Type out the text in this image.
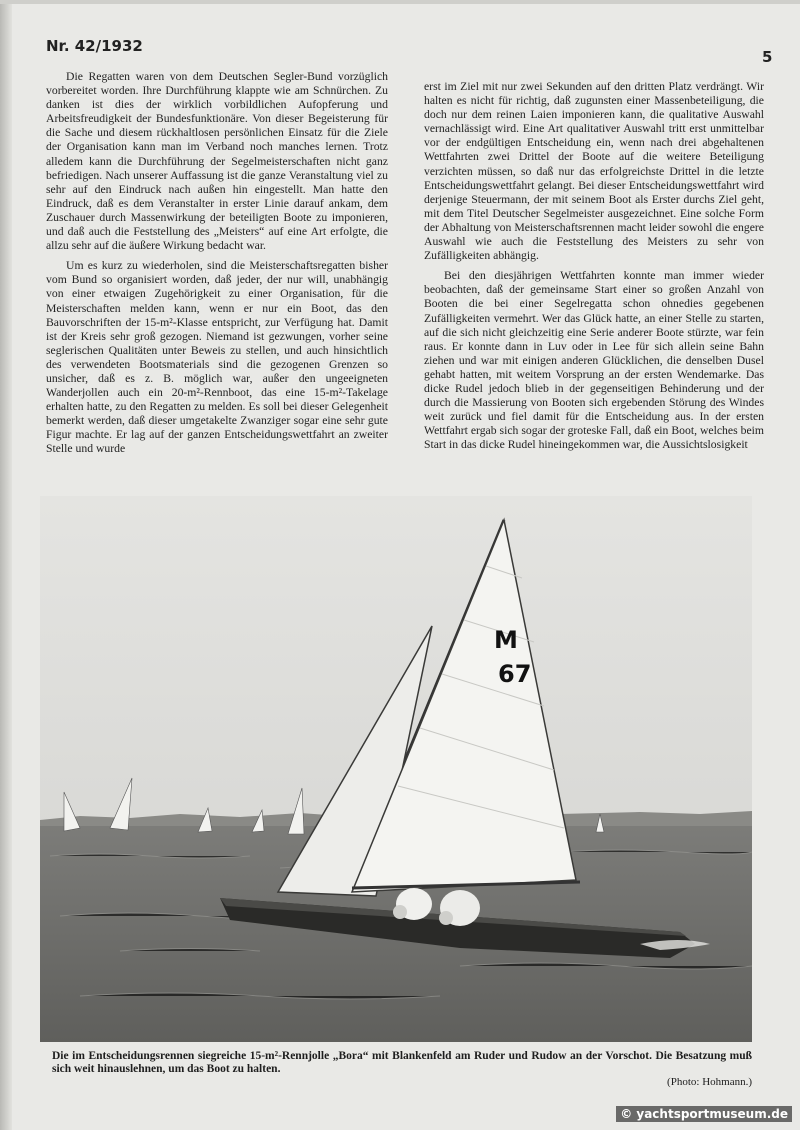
Nr. 42/1932
5

Die Regatten waren von dem Deutschen Segler-Bund vorzüglich vorbereitet worden. Ihre Durchführung klappte wie am Schnürchen. Zu danken ist dies der wirklich vorbildlichen Aufopferung und Arbeitsfreudigkeit der Bundesfunktionäre. Von dieser Begeisterung für die Sache und diesem rückhaltlosen persönlichen Einsatz für die Ziele der Organisation kann man im Verband noch manches lernen. Trotz alledem kann die Durchführung der Segelmeisterschaften nicht ganz befriedigen. Nach unserer Auffassung ist die ganze Veranstaltung viel zu sehr auf den Eindruck nach außen hin eingestellt. Man hatte den Eindruck, daß es dem Veranstalter in erster Linie darauf ankam, dem Zuschauer durch Massenwirkung der beteiligten Boote zu imponieren, und daß auch die Feststellung des „Meisters“ auf eine Art erfolgte, die allzu sehr auf die äußere Wirkung bedacht war.

Um es kurz zu wiederholen, sind die Meisterschaftsregatten bisher vom Bund so organisiert worden, daß jeder, der nur will, unabhängig von einer etwaigen Zugehörigkeit zu einer Organisation, für die Meisterschaften melden kann, wenn er nur ein Boot, das den Bauvorschriften der 15-m²-Klasse entspricht, zur Verfügung hat. Damit ist der Kreis sehr groß gezogen. Niemand ist gezwungen, vorher seine seglerischen Qualitäten unter Beweis zu stellen, und auch hinsichtlich des verwendeten Bootsmaterials sind die gezogenen Grenzen so unsicher, daß es z. B. möglich war, außer den ungeeigneten Wanderjollen auch ein 20-m²-Rennboot, das eine 15-m²-Takelage erhalten hatte, zu den Regatten zu melden. Es soll bei dieser Gelegenheit bemerkt werden, daß dieser umgetakelte Zwanziger sogar eine sehr gute Figur machte. Er lag auf der ganzen Entscheidungswettfahrt an zweiter Stelle und wurde

erst im Ziel mit nur zwei Sekunden auf den dritten Platz verdrängt. Wir halten es nicht für richtig, daß zugunsten einer Massenbeteiligung, die doch nur dem reinen Laien imponieren kann, die qualitative Auswahl vernachlässigt wird. Eine Art qualitativer Auswahl tritt erst unmittelbar vor der endgültigen Entscheidung ein, wenn nach drei abgehaltenen Wettfahrten zwei Drittel der Boote auf die weitere Beteiligung verzichten müssen, so daß nur das erfolgreichste Drittel in die letzte Entscheidungswettfahrt gelangt. Bei dieser Entscheidungswettfahrt wird derjenige Steuermann, der mit seinem Boot als Erster durchs Ziel geht, mit dem Titel Deutscher Segelmeister ausgezeichnet. Eine solche Form der Abhaltung von Meisterschaftsrennen macht leider sowohl die engere Auswahl wie auch die Feststellung des Meisters zu sehr von Zufälligkeiten abhängig.

Bei den diesjährigen Wettfahrten konnte man immer wieder beobachten, daß der gemeinsame Start einer so großen Anzahl von Booten die bei einer Segelregatta schon ohnedies gegebenen Zufälligkeiten vermehrt. Wer das Glück hatte, an einer Stelle zu starten, auf die sich nicht gleichzeitig eine Serie anderer Boote stürzte, war fein raus. Er konnte dann in Luv oder in Lee für sich allein seine Bahn ziehen und war mit einigen anderen Glücklichen, die denselben Dusel gehabt hatten, mit weitem Vorsprung an der ersten Wendemarke. Das dicke Rudel jedoch blieb in der gegenseitigen Behinderung und der durch die Massierung von Booten sich ergebenden Störung des Windes weit zurück und fiel damit für die Entscheidung aus. In der ersten Wettfahrt ergab sich sogar der groteske Fall, daß ein Boot, welches beim Start in das dicke Rudel hineingekommen war, die Aussichtslosigkeit

M
67
Die im Entscheidungsrennen siegreiche 15-m²-Rennjolle „Bora“ mit Blankenfeld am Ruder und Rudow an der Vorschot. Die Besatzung muß sich weit hinauslehnen, um das Boot zu halten.
(Photo: Hohmann.)
© yachtsportmuseum.de
